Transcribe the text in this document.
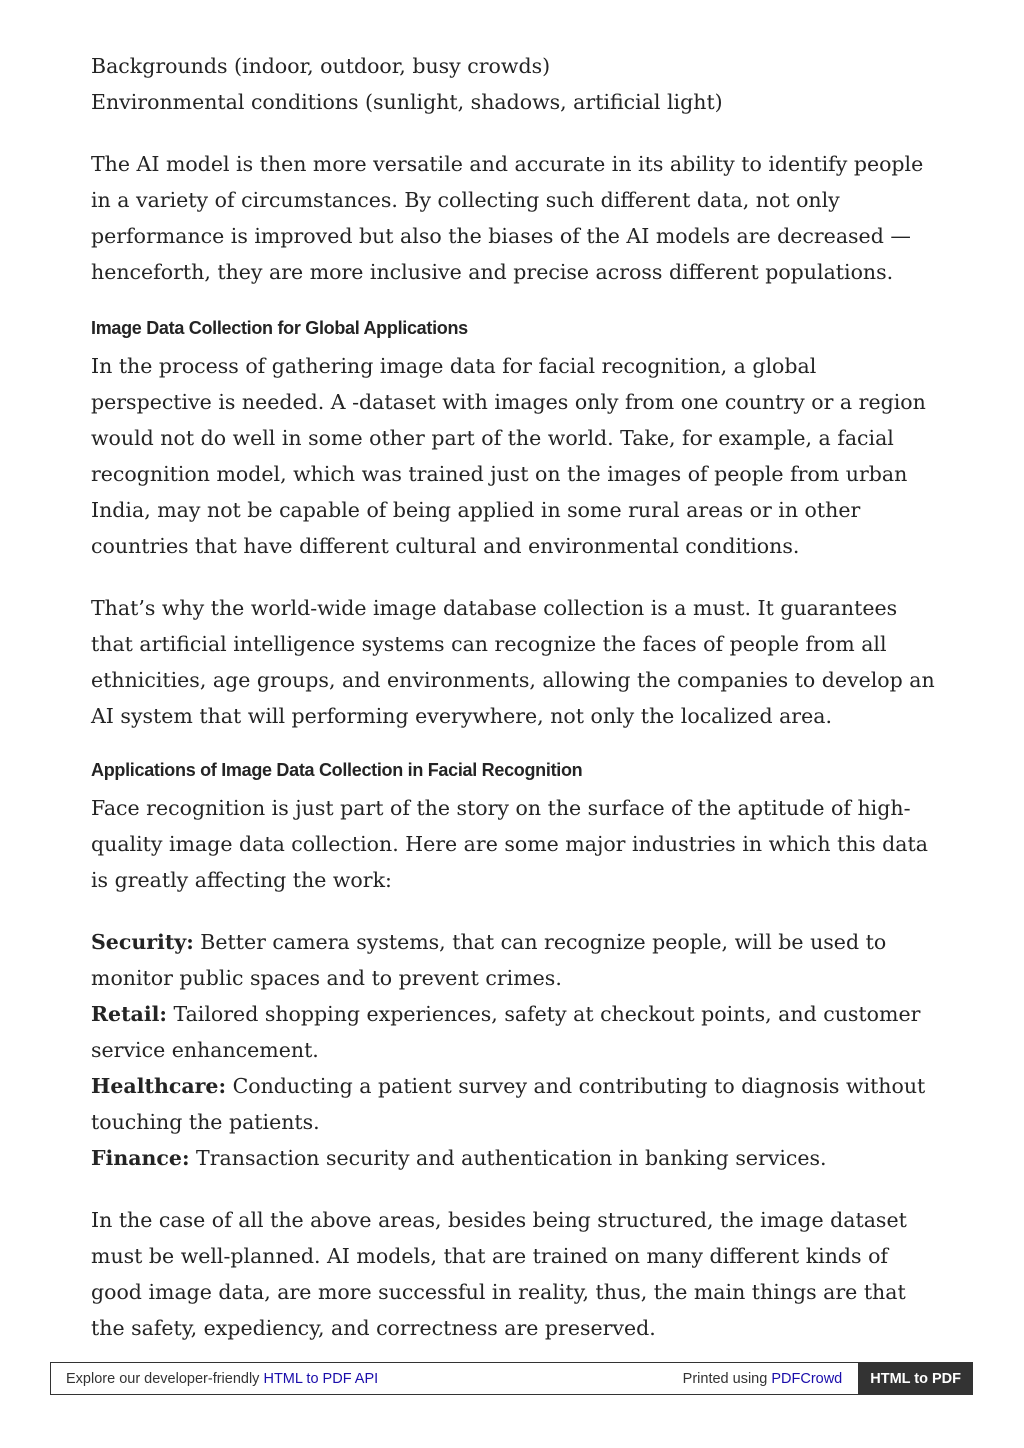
Backgrounds (indoor, outdoor, busy crowds)
Environmental conditions (sunlight, shadows, artificial light)

The AI model is then more versatile and accurate in its ability to identify people in a variety of circumstances. By collecting such different data, not only performance is improved but also the biases of the AI models are decreased — henceforth, they are more inclusive and precise across different populations.

Image Data Collection for Global Applications

In the process of gathering image data for facial recognition, a global perspective is needed. A -dataset with images only from one country or a region would not do well in some other part of the world. Take, for example, a facial recognition model, which was trained just on the images of people from urban India, may not be capable of being applied in some rural areas or in other countries that have different cultural and environmental conditions.

That’s why the world-wide image database collection is a must. It guarantees that artificial intelligence systems can recognize the faces of people from all ethnicities, age groups, and environments, allowing the companies to develop an AI system that will performing everywhere, not only the localized area.

Applications of Image Data Collection in Facial Recognition

Face recognition is just part of the story on the surface of the aptitude of high-quality image data collection. Here are some major industries in which this data is greatly affecting the work:

Security: Better camera systems, that can recognize people, will be used to monitor public spaces and to prevent crimes.
Retail: Tailored shopping experiences, safety at checkout points, and customer service enhancement.
Healthcare: Conducting a patient survey and contributing to diagnosis without touching the patients.
Finance: Transaction security and authentication in banking services.

In the case of all the above areas, besides being structured, the image dataset must be well-planned. AI models, that are trained on many different kinds of good image data, are more successful in reality, thus, the main things are that the safety, expediency, and correctness are preserved.

Explore our developer-friendly HTML to PDF API	Printed using PDFCrowd	HTML to PDF
